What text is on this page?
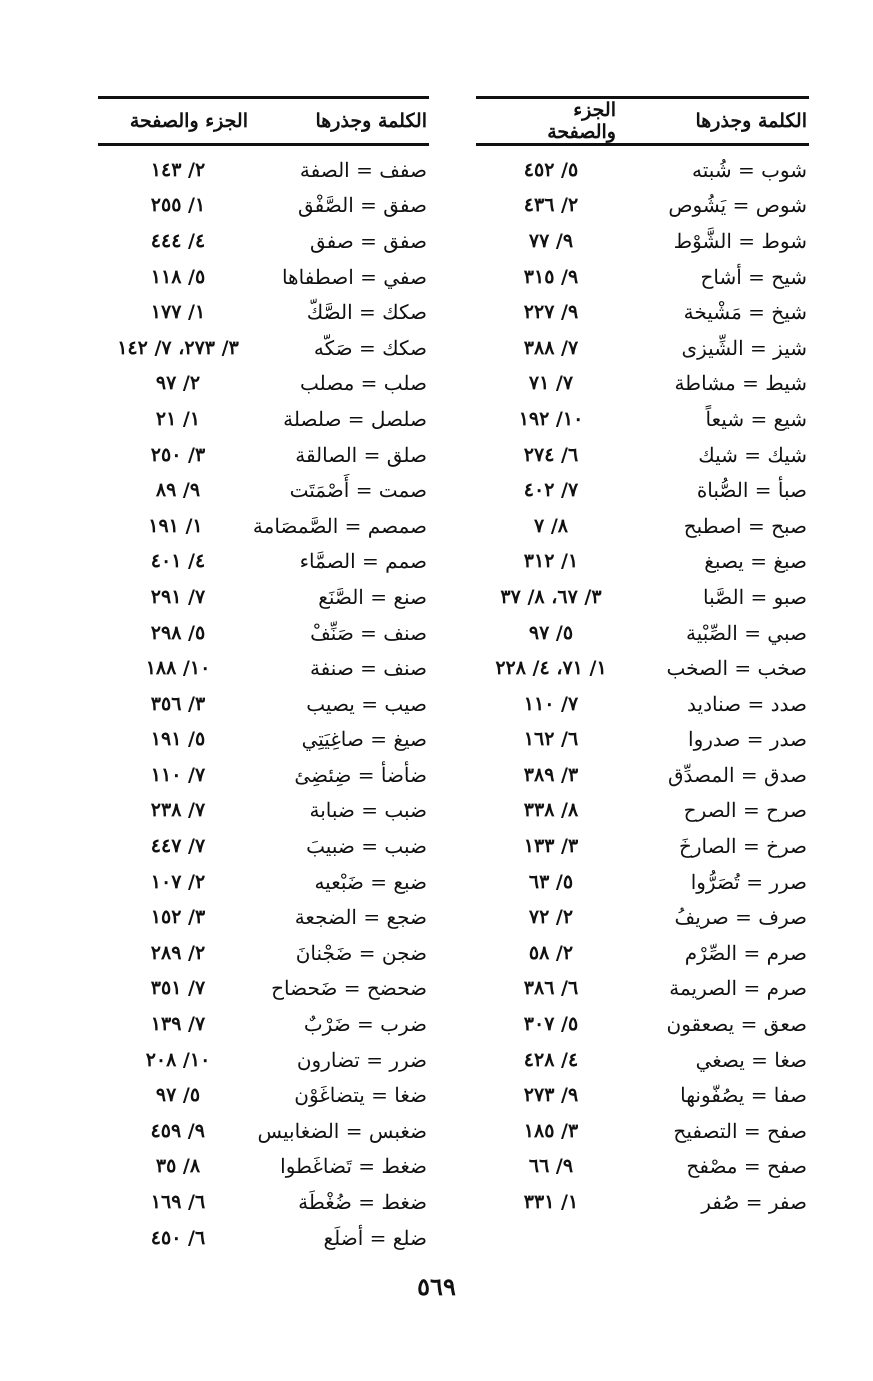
الكلمة وجذرها
الجزء والصفحة
شوب = شُبته
٥/ ٤٥٢
شوص = يَشُوص
٢/ ٤٣٦
شوط = الشَّوْط
٩/ ٧٧
شيح = أشاح
٩/ ٣١٥
شيخ = مَشْيخة
٩/ ٢٢٧
شيز = الشِّيزى
٧/ ٣٨٨
شيط = مشاطة
٧/ ٧١
شيع = شيعاً
١٠/ ١٩٢
شيك = شيك
٦/ ٢٧٤
صبأ = الصُّباة
٧/ ٤٠٢
صبح = اصطبح
٨/ ٧
صبغ = يصبغ
١/ ٣١٢
صبو = الصَّبا
٣/ ٦٧، ٨/ ٣٧
صبي = الصِّبْية
٥/ ٩٧
صخب = الصخب
١/ ٧١، ٤/ ٢٢٨
صدد = صناديد
٧/ ١١٠
صدر = صدروا
٦/ ١٦٢
صدق = المصدِّق
٣/ ٣٨٩
صرح = الصرح
٨/ ٣٣٨
صرخ = الصارخَ
٣/ ١٣٣
صرر = تُصَرُّوا
٥/ ٦٣
صرف = صريفُ
٢/ ٧٢
صرم = الصِّرْم
٢/ ٥٨
صرم = الصريمة
٦/ ٣٨٦
صعق = يصعقون
٥/ ٣٠٧
صغا = يصغي
٤/ ٤٢٨
صفا = يصُفّونها
٩/ ٢٧٣
صفح = التصفيح
٣/ ١٨٥
صفح = مصْفح
٩/ ٦٦
صفر = صُفر
١/ ٣٣١
الكلمة وجذرها
الجزء والصفحة
صفف = الصفة
٢/ ١٤٣
صفق = الصَّفْق
١/ ٢٥٥
صفق = صفق
٤/ ٤٤٤
صفي = اصطفاها
٥/ ١١٨
صكك = الصَّكّ
١/ ١٧٧
صكك = صَكّه
٣/ ٢٧٣، ٧/ ١٤٢
صلب = مصلب
٢/ ٩٧
صلصل = صلصلة
١/ ٢١
صلق = الصالقة
٣/ ٢٥٠
صمت = أَصْمَتَت
٩/ ٨٩
صمصم = الصَّمصَامة
١/ ١٩١
صمم = الصمَّاء
٤/ ٤٠١
صنع = الصَّنَع
٧/ ٢٩١
صنف = صَنِّفْ
٥/ ٢٩٨
صنف = صنفة
١٠/ ١٨٨
صيب = يصيب
٣/ ٣٥٦
صيغ = صاغِيَتِي
٥/ ١٩١
ضأضأ = ضِئضِئ
٧/ ١١٠
ضبب = ضبابة
٧/ ٢٣٨
ضبب = ضبيبَ
٧/ ٤٤٧
ضبع = ضَبْعيه
٢/ ١٠٧
ضجع = الضجعة
٣/ ١٥٢
ضجن = ضَجْنانَ
٢/ ٢٨٩
ضحضح = ضَحضاح
٧/ ٣٥١
ضرب = ضَرْبٌ
٧/ ١٣٩
ضرر = تضارون
١٠/ ٢٠٨
ضغا = يتضاغَوْن
٥/ ٩٧
ضغبس = الضغابيس
٩/ ٤٥٩
ضغط = تَضاغَطوا
٨/ ٣٥
ضغط = ضُغْطَة
٦/ ١٦٩
ضلع = أضلَع
٦/ ٤٥٠
٥٦٩
